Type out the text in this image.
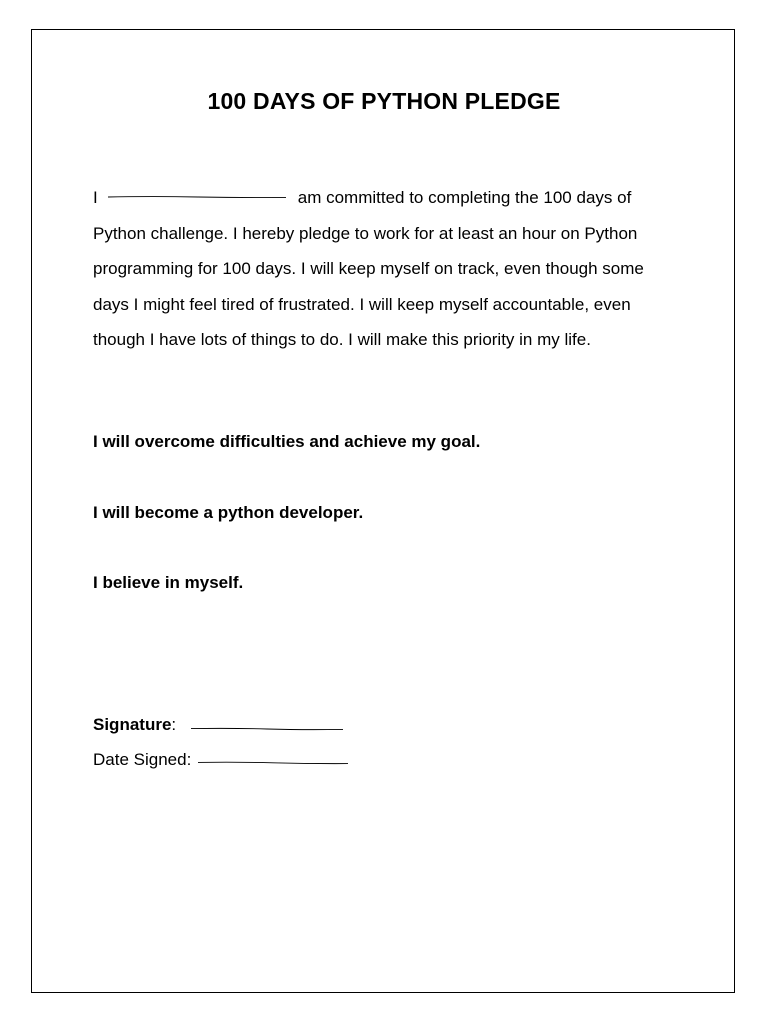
100 DAYS OF PYTHON PLEDGE

I	am committed to completing the 100 days of Python challenge. I hereby pledge to work for at least an hour on Python programming for 100 days. I will keep myself on track, even though some days I might feel tired of frustrated. I will keep myself accountable, even though I have lots of things to do. I will make this priority in my life.

I will overcome difficulties and achieve my goal.

I will become a python developer.

I believe in myself.

Signature:

Date Signed:
